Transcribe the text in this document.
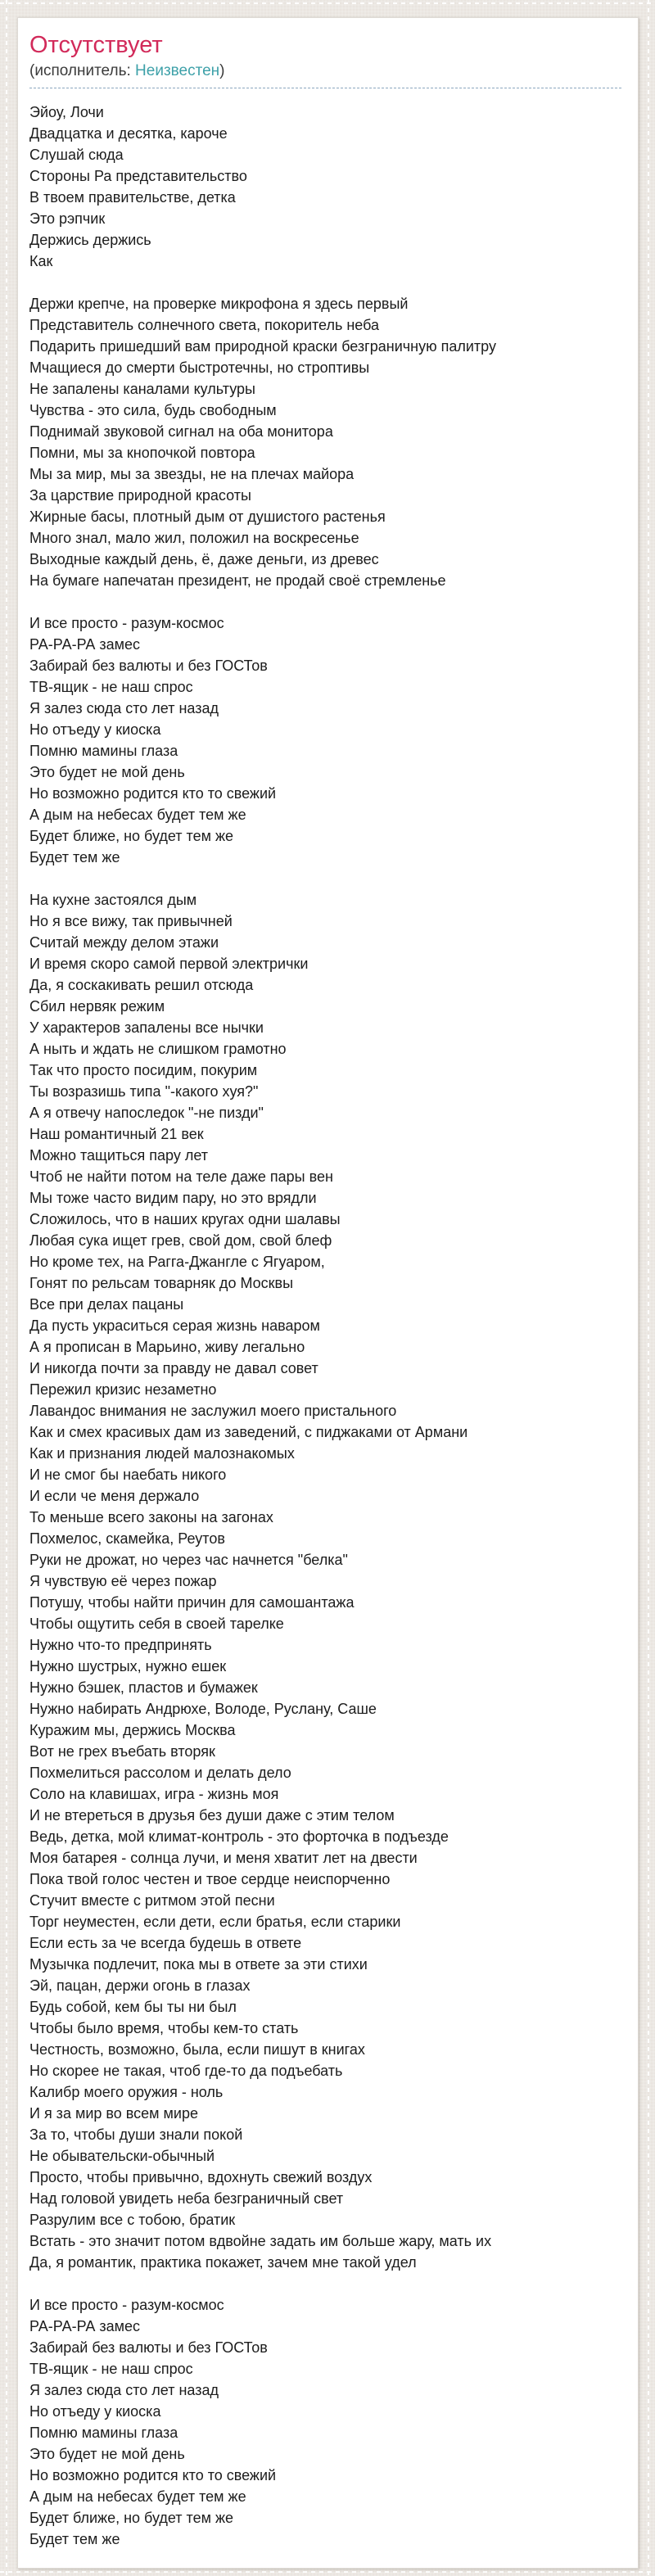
Отсутствует
(исполнитель: Неизвестен)
Эйоу, Лочи
Двадцатка и десятка, кароче
Слушай сюда
Стороны Ра представительство
В твоем правительстве, детка
Это рэпчик
Держись держись
Как

Держи крепче, на проверке микрофона я здесь первый
Представитель солнечного света, покоритель неба
Подарить пришедший вам природной краски безграничную палитру
Мчащиеся до смерти быстротечны, но строптивы
Не запалены каналами культуры
Чувства - это сила, будь свободным
Поднимай звуковой сигнал на оба монитора
Помни, мы за кнопочкой повтора
Мы за мир, мы за звезды, не на плечах майора
За царствие природной красоты
Жирные басы, плотный дым от душистого растенья
Много знал, мало жил, положил на воскресенье
Выходные каждый день, ё, даже деньги, из древес
На бумаге напечатан президент, не продай своё стремленье

И все просто - разум-космос
РА-РА-РА замес
Забирай без валюты и без ГОСТов
ТВ-ящик - не наш спрос
Я залез сюда сто лет назад
Но отъеду у киоска
Помню мамины глаза
Это будет не мой день
Но возможно родится кто то свежий
А дым на небесах будет тем же
Будет ближе, но будет тем же
Будет тем же

На кухне застоялся дым
Но я все вижу, так привычней
Считай между делом этажи
И время скоро самой первой электрички
Да, я соскакивать решил отсюда
Сбил нервяк режим
У характеров запалены все нычки
А ныть и ждать не слишком грамотно
Так что просто посидим, покурим
Ты возразишь типа "-какого хуя?"
А я отвечу напоследок "-не пизди"
Наш романтичный 21 век
Можно тащиться пару лет
Чтоб не найти потом на теле даже пары вен
Мы тоже часто видим пару, но это врядли
Сложилось, что в наших кругах одни шалавы
Любая сука ищет грев, свой дом, свой блеф
Но кроме тех, на Рагга-Джангле с Ягуаром,
Гонят по рельсам товарняк до Москвы
Все при делах пацаны
Да пусть украситься серая жизнь наваром
А я прописан в Марьино, живу легально
И никогда почти за правду не давал совет
Пережил кризис незаметно
Лавандос внимания не заслужил моего пристального
Как и смех красивых дам из заведений, с пиджаками от Армани
Как и признания людей малознакомых
И не смог бы наебать никого
И если че меня держало
То меньше всего законы на загонах
Похмелос, скамейка, Реутов
Руки не дрожат, но через час начнется "белка"
Я чувствую её через пожар
Потушу, чтобы найти причин для самошантажа
Чтобы ощутить себя в своей тарелке
Нужно что-то предпринять
Нужно шустрых, нужно ешек
Нужно бэшек, пластов и бумажек
Нужно набирать Андрюхе, Володе, Руслану, Саше
Куражим мы, держись Москва
Вот не грех въебать вторяк
Похмелиться рассолом и делать дело
Соло на клавишах, игра - жизнь моя
И не втереться в друзья без души даже с этим телом
Ведь, детка, мой климат-контроль - это форточка в подъезде
Моя батарея - солнца лучи, и меня хватит лет на двести
Пока твой голос честен и твое сердце неиспорченно
Стучит вместе с ритмом этой песни
Торг неуместен, если дети, если братья, если старики
Если есть за че всегда будешь в ответе
Музычка подлечит, пока мы в ответе за эти стихи
Эй, пацан, держи огонь в глазах
Будь собой, кем бы ты ни был
Чтобы было время, чтобы кем-то стать
Честность, возможно, была, если пишут в книгах
Но скорее не такая, чтоб где-то да подъебать
Калибр моего оружия - ноль
И я за мир во всем мире
За то, чтобы души знали покой
Не обывательски-обычный
Просто, чтобы привычно, вдохнуть свежий воздух
Над головой увидеть неба безграничный свет
Разрулим все с тобою, братик
Встать - это значит потом вдвойне задать им больше жару, мать их
Да, я романтик, практика покажет, зачем мне такой удел

И все просто - разум-космос
РА-РА-РА замес
Забирай без валюты и без ГОСТов
ТВ-ящик - не наш спрос
Я залез сюда сто лет назад
Но отъеду у киоска
Помню мамины глаза
Это будет не мой день
Но возможно родится кто то свежий
А дым на небесах будет тем же
Будет ближе, но будет тем же
Будет тем же
